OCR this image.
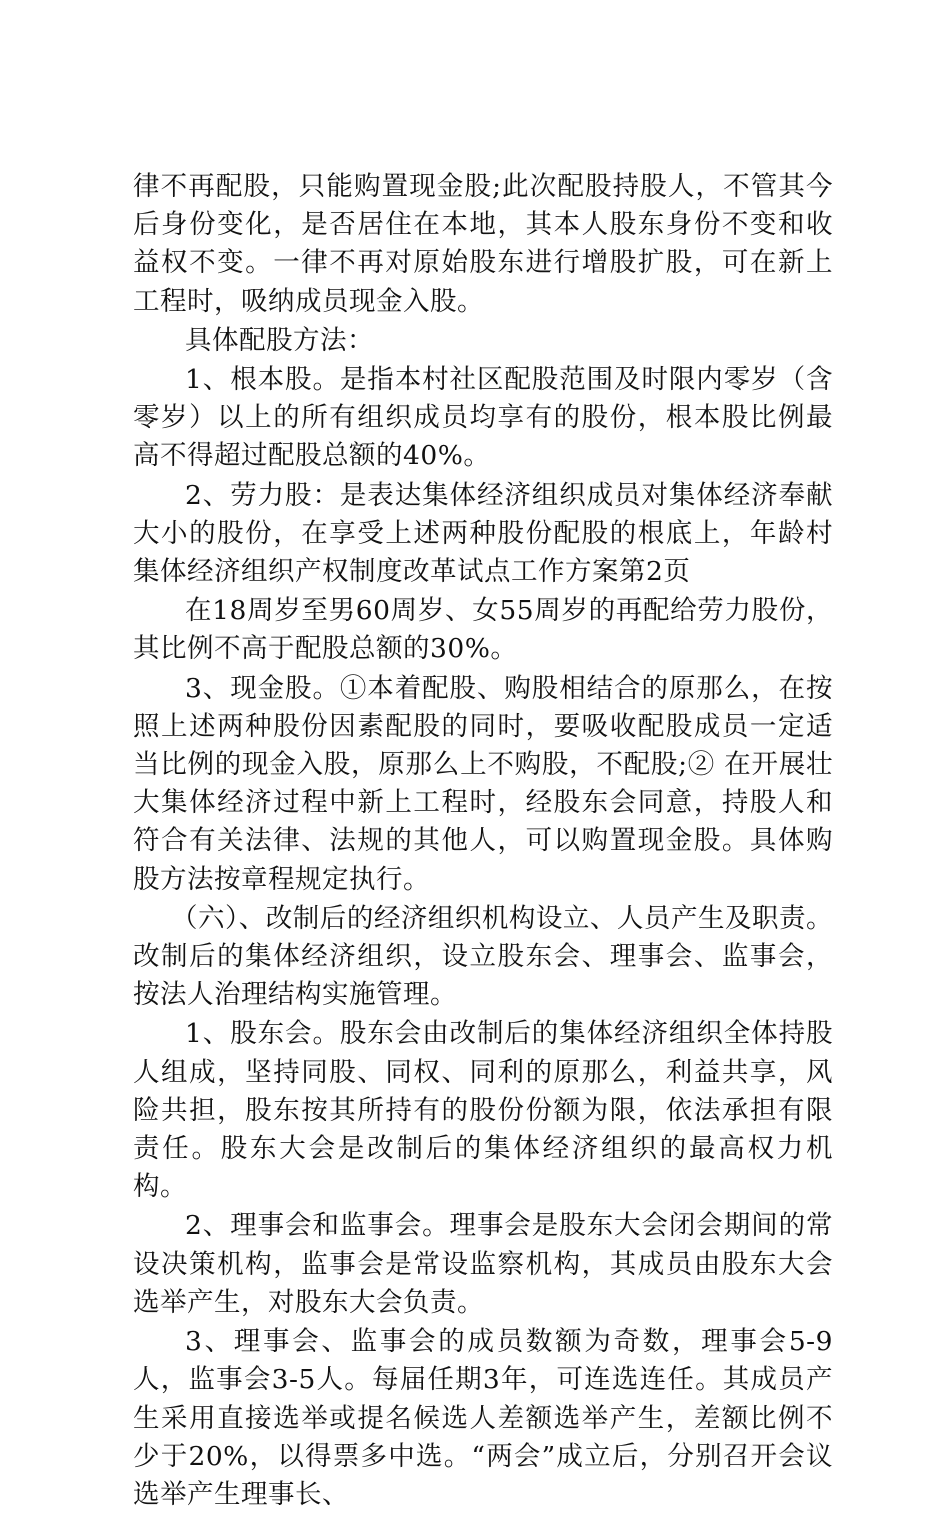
律不再配股，只能购置现金股;此次配股持股人，不管其今后身份变化，是否居住在本地，其本人股东身份不变和收益权不变。一律不再对原始股东进行增股扩股，可在新上工程时，吸纳成员现金入股。

具体配股方法：

1、根本股。是指本村社区配股范围及时限内零岁（含零岁）以上的所有组织成员均享有的股份，根本股比例最高不得超过配股总额的40%。

2、劳力股：是表达集体经济组织成员对集体经济奉献大小的股份，在享受上述两种股份配股的根底上，年龄村集体经济组织产权制度改革试点工作方案第2页

在18周岁至男60周岁、女55周岁的再配给劳力股份，其比例不高于配股总额的30%。

3、现金股。①本着配股、购股相结合的原那么，在按照上述两种股份因素配股的同时，要吸收配股成员一定适当比例的现金入股，原那么上不购股，不配股;② 在开展壮大集体经济过程中新上工程时，经股东会同意，持股人和符合有关法律、法规的其他人，可以购置现金股。具体购股方法按章程规定执行。

（六）、改制后的经济组织机构设立、人员产生及职责。改制后的集体经济组织，设立股东会、理事会、监事会，按法人治理结构实施管理。

1、股东会。股东会由改制后的集体经济组织全体持股人组成，坚持同股、同权、同利的原那么，利益共享，风险共担，股东按其所持有的股份份额为限，依法承担有限责任。股东大会是改制后的集体经济组织的最高权力机构。

2、理事会和监事会。理事会是股东大会闭会期间的常设决策机构，监事会是常设监察机构，其成员由股东大会选举产生，对股东大会负责。

3、理事会、监事会的成员数额为奇数，理事会5-9人，监事会3-5人。每届任期3年，可连选连任。其成员产生采用直接选举或提名候选人差额选举产生，差额比例不少于20%，以得票多中选。“两会”成立后，分别召开会议选举产生理事长、
